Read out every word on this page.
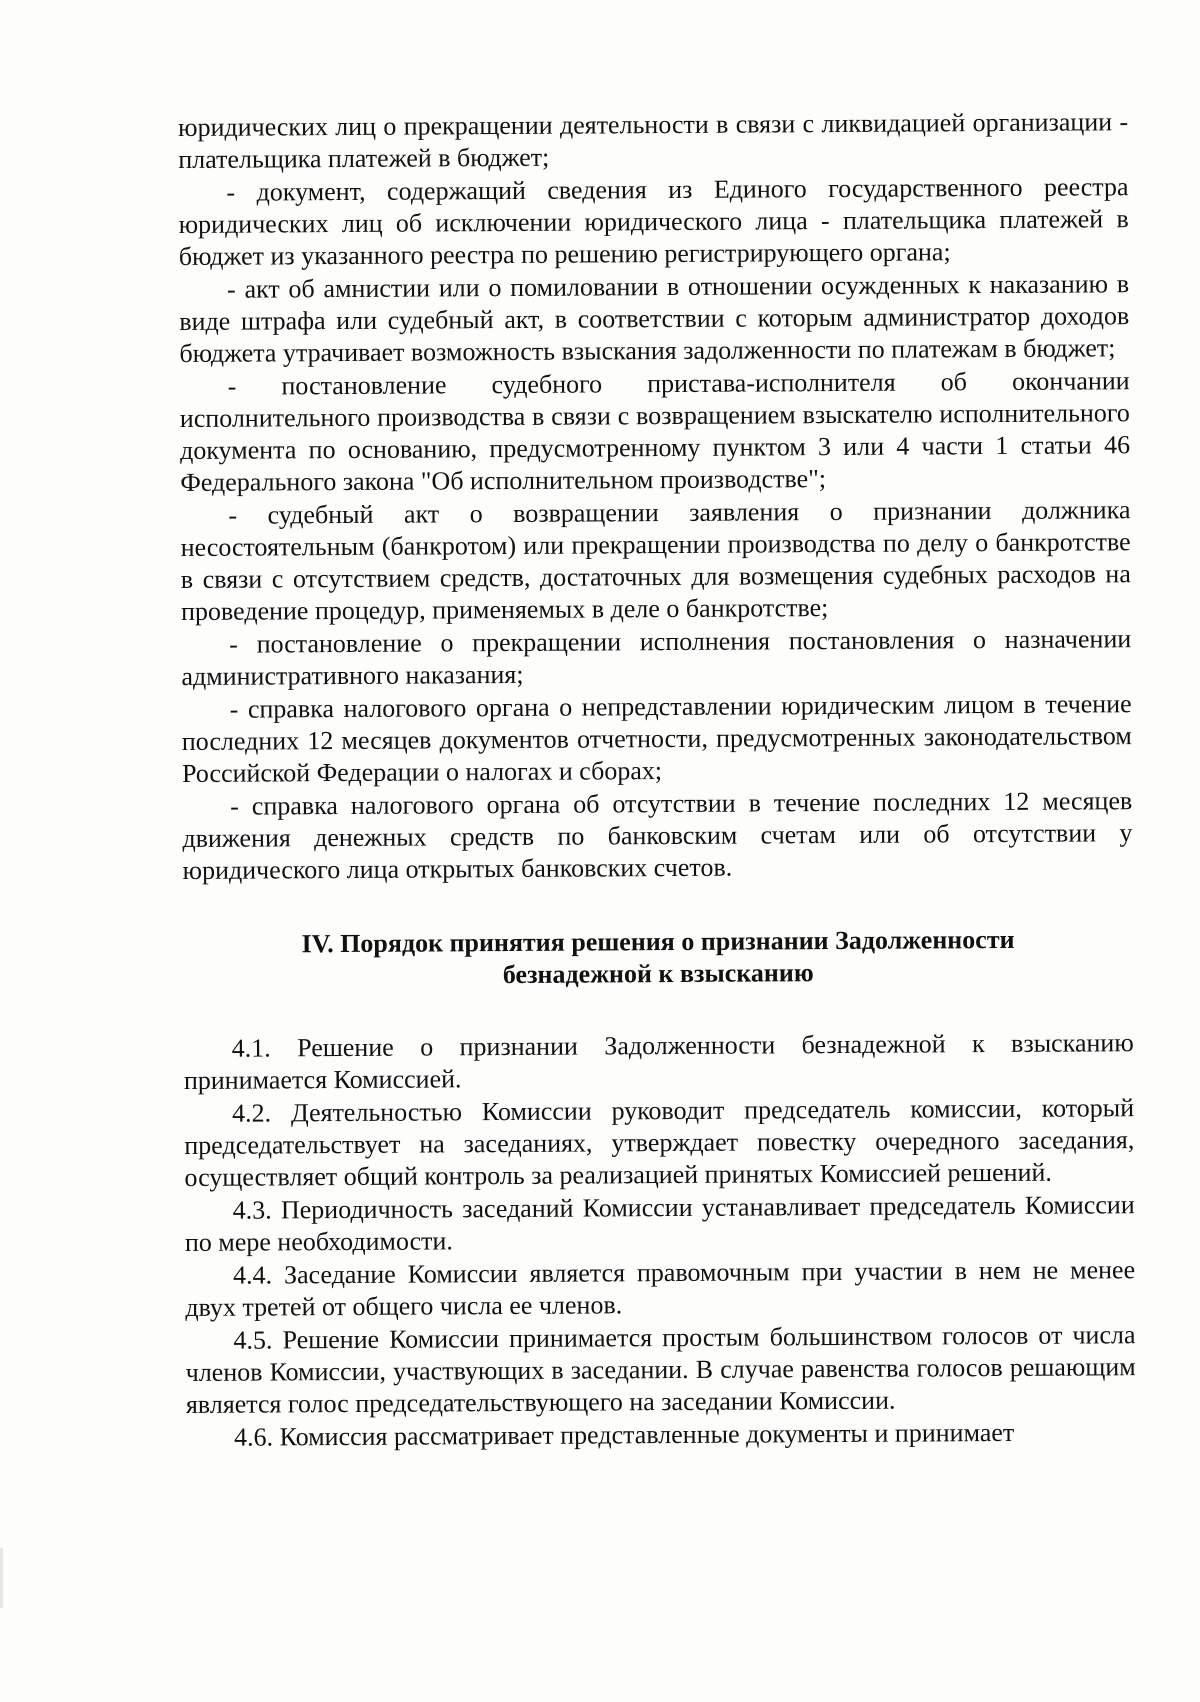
юридических лиц о прекращении деятельности в связи с ликвидацией организации - плательщика платежей в бюджет;

- документ, содержащий сведения из Единого государственного реестра юридических лиц об исключении юридического лица - плательщика платежей в бюджет из указанного реестра по решению регистрирующего органа;

- акт об амнистии или о помиловании в отношении осужденных к наказанию в виде штрафа или судебный акт, в соответствии с которым администратор доходов бюджета утрачивает возможность взыскания задолженности по платежам в бюджет;

- постановление судебного пристава-исполнителя об окончании исполнительного производства в связи с возвращением взыскателю исполнительного документа по основанию, предусмотренному пунктом 3 или 4 части 1 статьи 46 Федерального закона "Об исполнительном производстве";

- судебный акт о возвращении заявления о признании должника несостоятельным (банкротом) или прекращении производства по делу о банкротстве в связи с отсутствием средств, достаточных для возмещения судебных расходов на проведение процедур, применяемых в деле о банкротстве;

- постановление о прекращении исполнения постановления о назначении административного наказания;

- справка налогового органа о непредставлении юридическим лицом в течение последних 12 месяцев документов отчетности, предусмотренных законодательством Российской Федерации о налогах и сборах;

- справка налогового органа об отсутствии в течение последних 12 месяцев движения денежных средств по банковским счетам или об отсутствии у юридического лица открытых банковских счетов.

IV. Порядок принятия решения о признании Задолженности
безнадежной к взысканию

4.1. Решение о признании Задолженности безнадежной к взысканию принимается Комиссией.

4.2. Деятельностью Комиссии руководит председатель комиссии, который председательствует на заседаниях, утверждает повестку очередного заседания, осуществляет общий контроль за реализацией принятых Комиссией решений.

4.3. Периодичность заседаний Комиссии устанавливает председатель Комиссии по мере необходимости.

4.4. Заседание Комиссии является правомочным при участии в нем не менее двух третей от общего числа ее членов.

4.5. Решение Комиссии принимается простым большинством голосов от числа членов Комиссии, участвующих в заседании. В случае равенства голосов решающим является голос председательствующего на заседании Комиссии.

4.6. Комиссия рассматривает представленные документы и принимает
